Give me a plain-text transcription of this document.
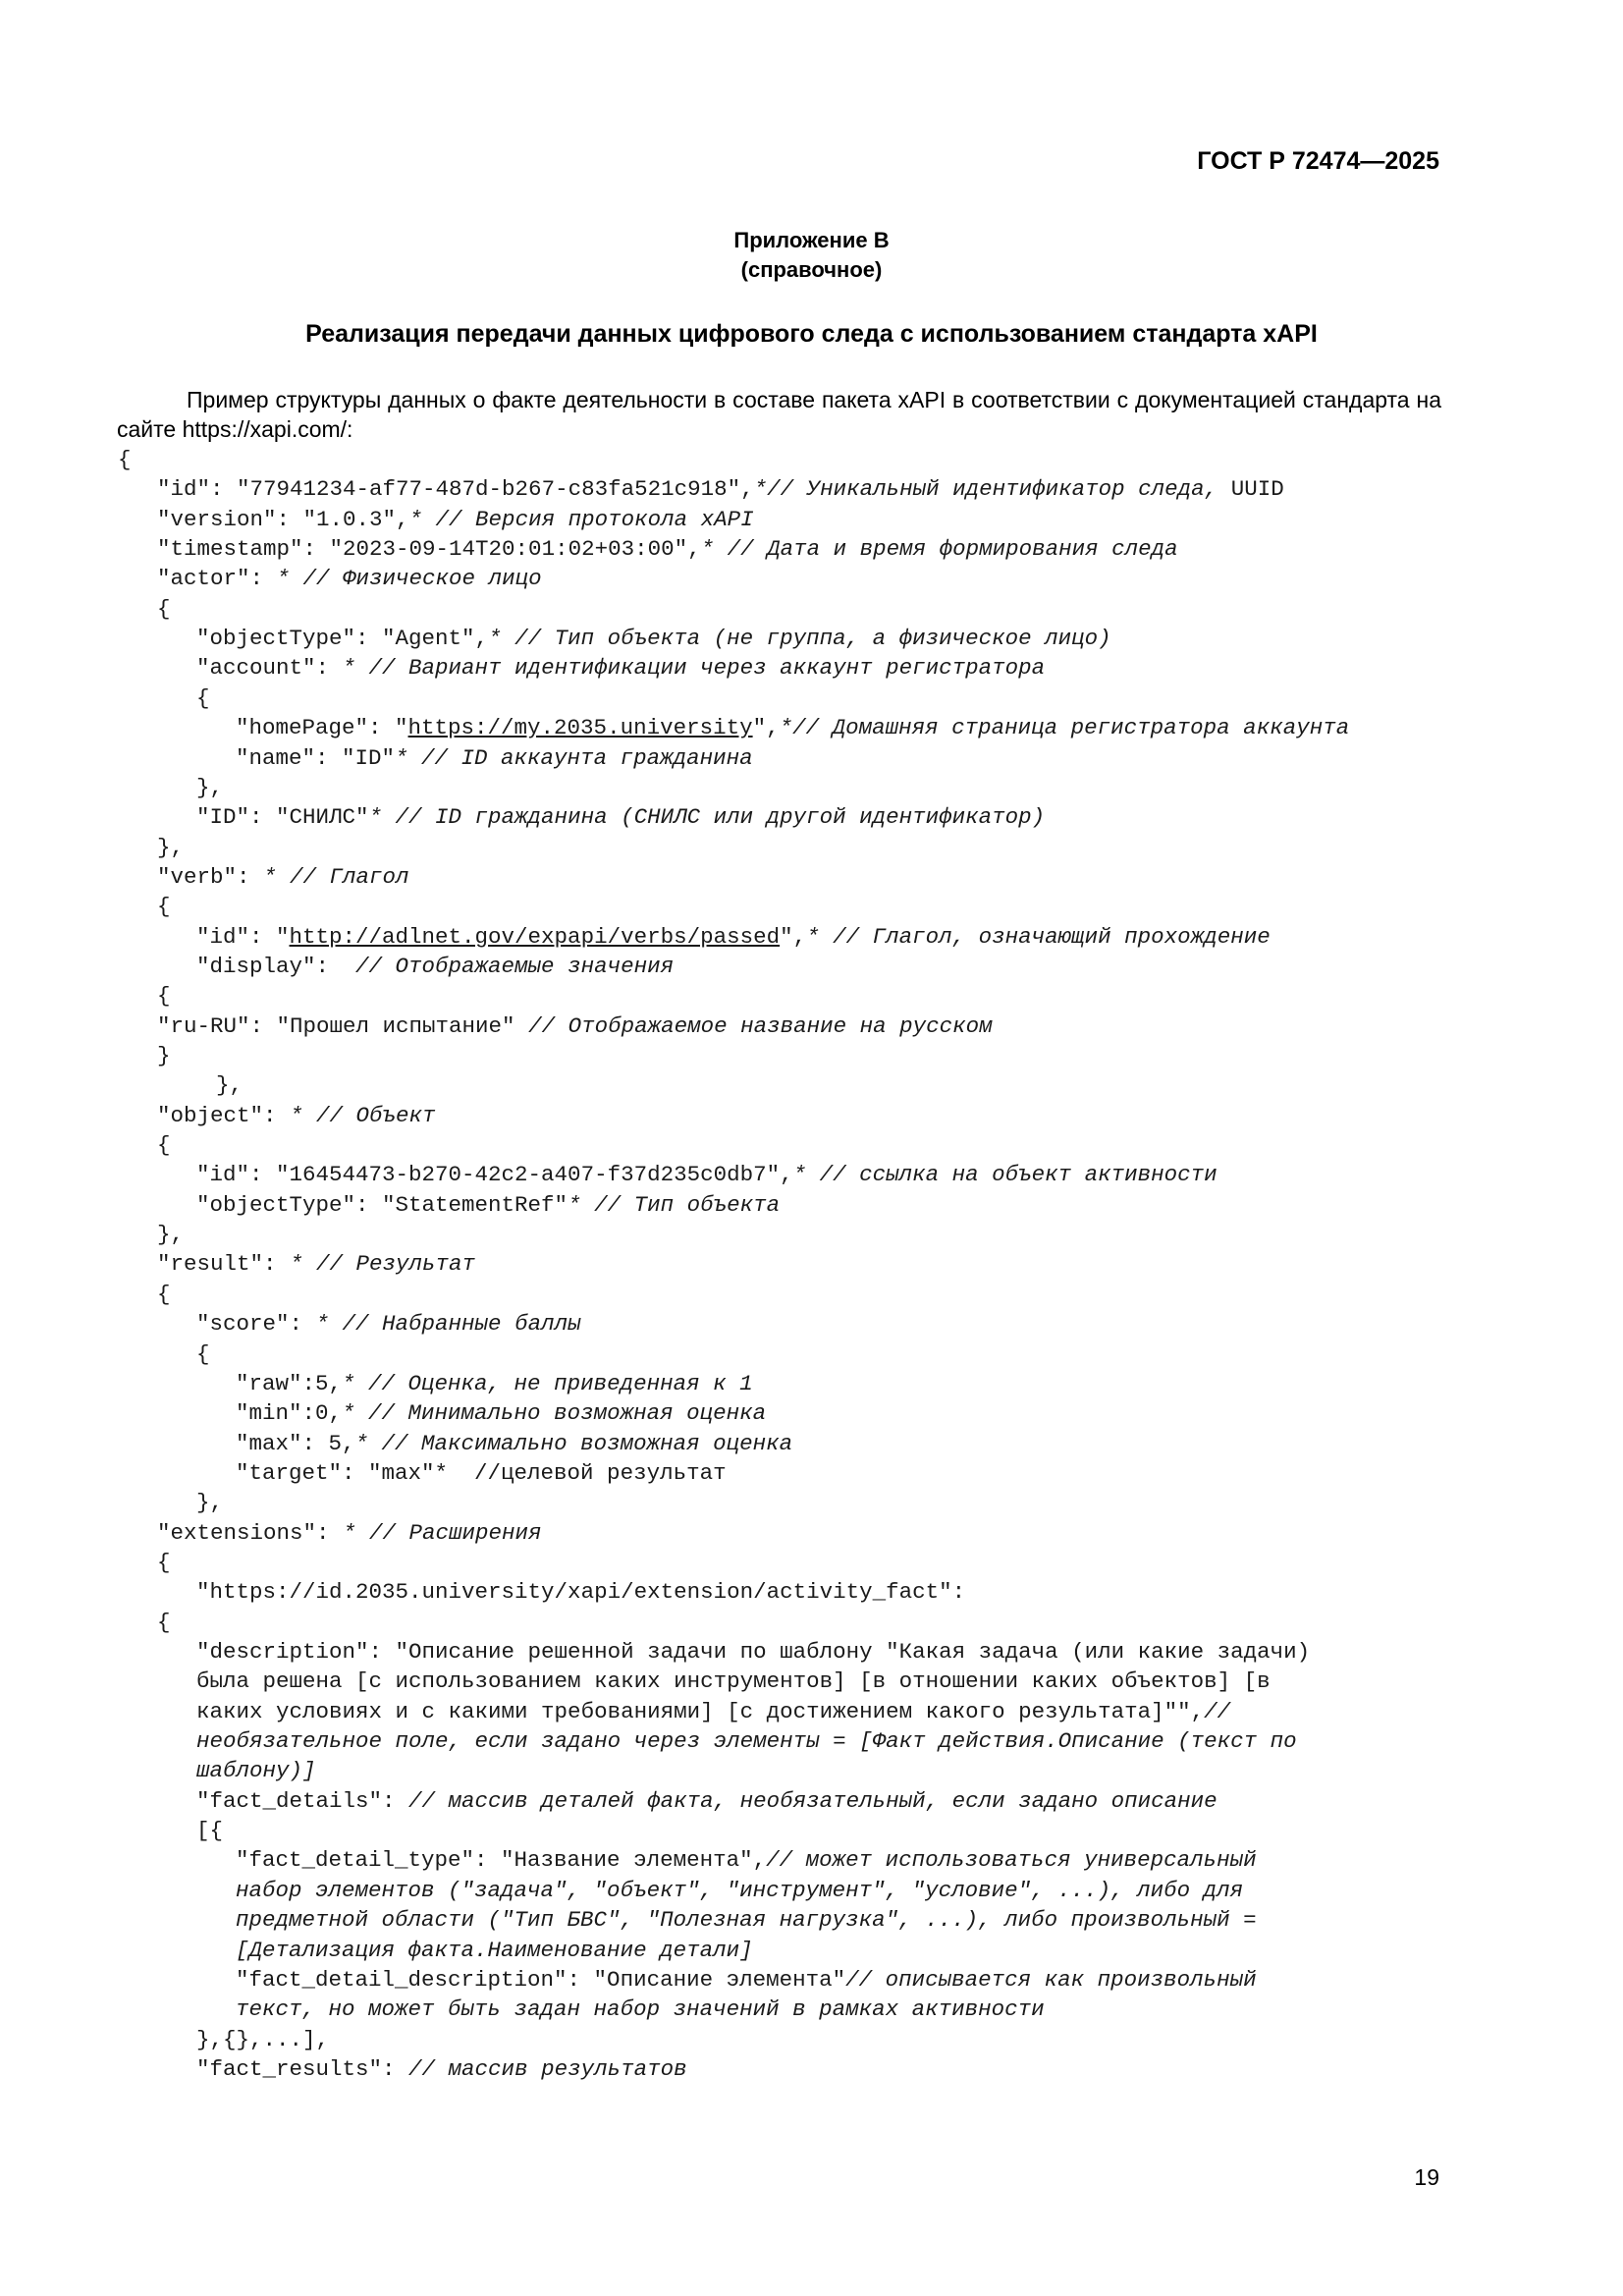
ГОСТ Р 72474—2025
Приложение В
(справочное)
Реализация передачи данных цифрового следа с использованием стандарта xAPI
Пример структуры данных о факте деятельности в составе пакета xAPI в соответствии с документацией стандарта на сайте https://xapi.com/:
{
"id": "77941234-af77-487d-b267-c83fa521c918",*// Уникальный идентификатор следа, UUID
"version": "1.0.3",* // Версия протокола xAPI
"timestamp": "2023-09-14T20:01:02+03:00",* // Дата и время формирования следа
"actor": * // Физическое лицо
{
"objectType": "Agent",* // Тип объекта (не группа, а физическое лицо)
"account": * // Вариант идентификации через аккаунт регистратора
{
"homePage": "https://my.2035.university",*// Домашняя страница регистратора аккаунта
"name": "ID"* // ID аккаунта гражданина
},
"ID": "СНИЛС"* // ID гражданина (СНИЛС или другой идентификатор)
},
"verb": * // Глагол
{
"id": "http://adlnet.gov/expapi/verbs/passed",* // Глагол, означающий прохождение
"display":  // Отображаемые значения
{
"ru-RU": "Прошел испытание" // Отображаемое название на русском
}
},
"object": * // Объект
{
"id": "16454473-b270-42c2-a407-f37d235c0db7",* // ссылка на объект активности
"objectType": "StatementRef"* // Тип объекта
},
"result": * // Результат
{
"score": * // Набранные баллы
{
"raw":5,* // Оценка, не приведенная к 1
"min":0,* // Минимально возможная оценка
"max": 5,* // Максимально возможная оценка
"target": "max"*  //целевой результат
},
"extensions": * // Расширения
{
"https://id.2035.university/xapi/extension/activity_fact":
{
"description": "Описание решенной задачи по шаблону "Какая задача (или какие задачи)
была решена [с использованием каких инструментов] [в отношении каких объектов] [в
каких условиях и с какими требованиями] [с достижением какого результата]"",//
необязательное поле, если задано через элементы = [Факт действия.Описание (текст по
шаблону)]
"fact_details": // массив деталей факта, необязательный, если задано описание
[{
"fact_detail_type": "Название элемента",// может использоваться универсальный
набор элементов ("задача", "объект", "инструмент", "условие", ...), либо для
предметной области ("Тип БВС", "Полезная нагрузка", ...), либо произвольный =
[Детализация факта.Наименование детали]
"fact_detail_description": "Описание элемента"// описывается как произвольный
текст, но может быть задан набор значений в рамках активности
},{},...],
"fact_results": // массив результатов
19
